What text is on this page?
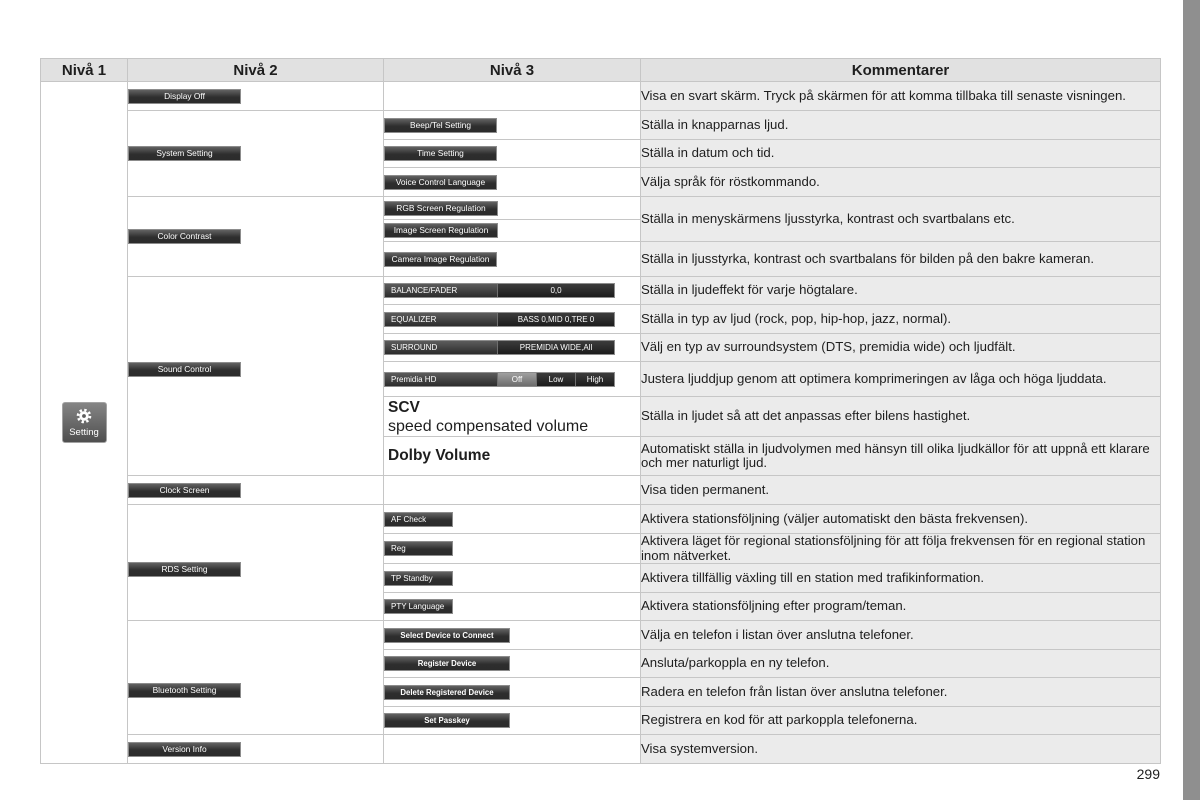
Nivå 1	Nivå 2	Nivå 3	Kommentarer

Setting	Display Off		Visa en svart skärm. Tryck på skärmen för att komma tillbaka till senaste visningen.

	System Setting	Beep/Tel Setting	Ställa in knapparnas ljud.

		Time Setting	Ställa in datum och tid.

		Voice Control Language	Välja språk för röstkommando.

	Color Contrast	RGB Screen Regulation	Ställa in menyskärmens ljusstyrka, kontrast och svartbalans etc.

		Image Screen Regulation	

		Camera Image Regulation	Ställa in ljusstyrka, kontrast och svartbalans för bilden på den bakre kameran.

	Sound Control	BALANCE/FADER 0,0	Ställa in ljudeffekt för varje högtalare.

		EQUALIZER BASS 0,MID 0,TRE 0	Ställa in typ av ljud (rock, pop, hip-hop, jazz, normal).

		SURROUND PREMIDIA WIDE,All	Välj en typ av surroundsystem (DTS, premidia wide) och ljudfält.

		Premidia HD Off Low High	Justera ljuddjup genom att optimera komprimeringen av låga och höga ljuddata.

		SCV
speed compensated volume	Ställa in ljudet så att det anpassas efter bilens hastighet.

		Dolby Volume	Automatiskt ställa in ljudvolymen med hänsyn till olika ljudkällor för att uppnå ett klarare och mer naturligt ljud.

	Clock Screen		Visa tiden permanent.

	RDS Setting	AF Check	Aktivera stationsföljning (väljer automatiskt den bästa frekvensen).

		Reg	Aktivera läget för regional stationsföljning för att följa frekvensen för en regional station inom nätverket.

		TP Standby	Aktivera tillfällig växling till en station med trafikinformation.

		PTY Language	Aktivera stationsföljning efter program/teman.

	Bluetooth Setting	Select Device to Connect	Välja en telefon i listan över anslutna telefoner.

		Register Device	Ansluta/parkoppla en ny telefon.

		Delete Registered Device	Radera en telefon från listan över anslutna telefoner.

		Set Passkey	Registrera en kod för att parkoppla telefonerna.

	Version Info		Visa systemversion.
299
